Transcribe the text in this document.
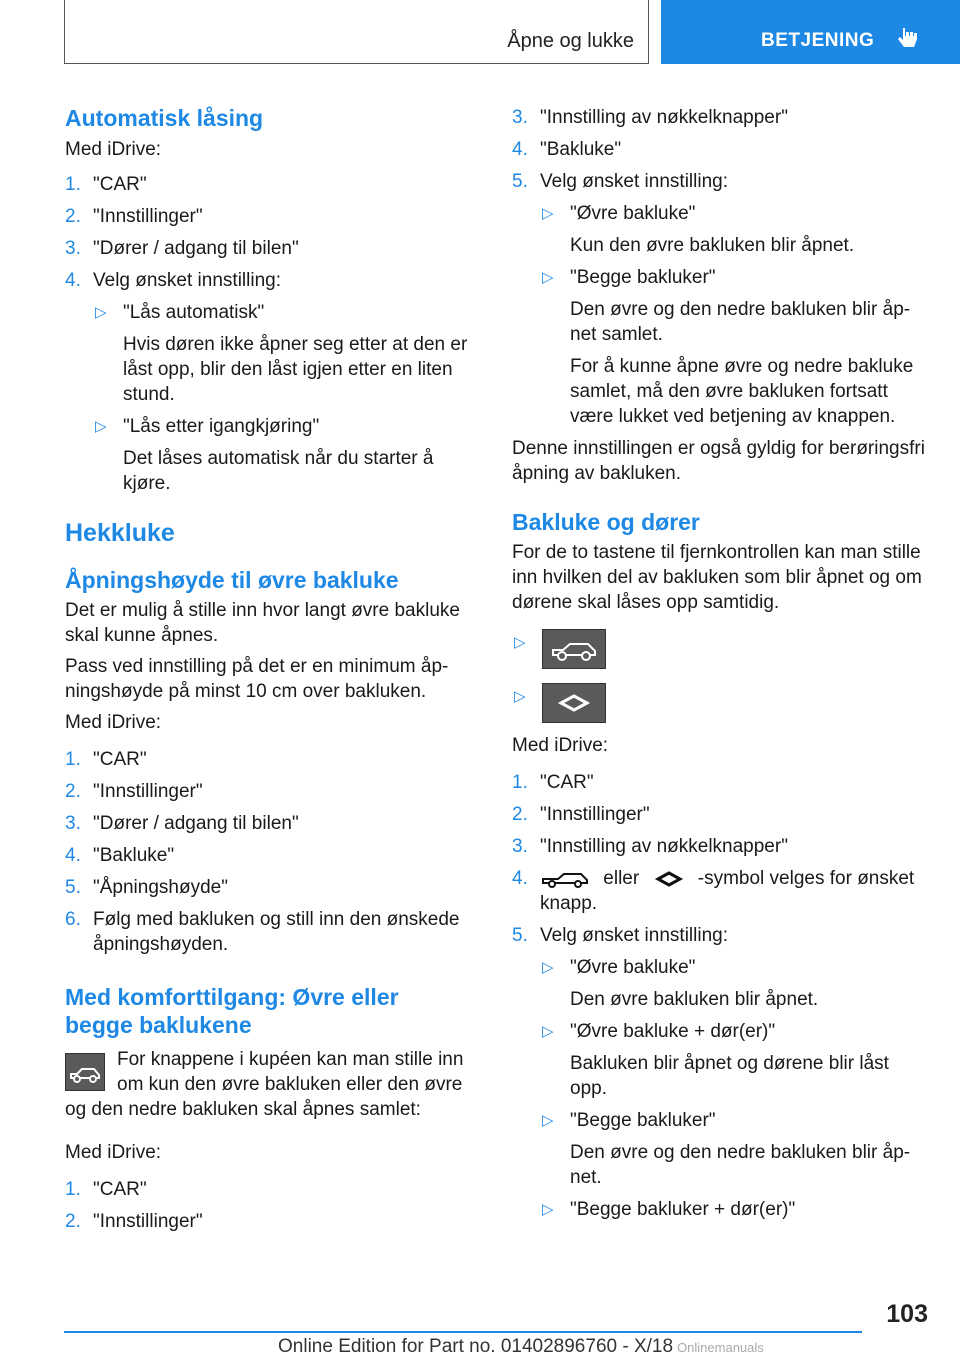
Åpne og lukke	BETJENING
Automatisk låsing

Med iDrive:

1. "CAR"
2. "Innstillinger"
3. "Dører / adgang til bilen"
4. Velg ønsket innstilling:
▷ "Lås automatisk"
Hvis døren ikke åpner seg etter at den er
låst opp, blir den låst igjen etter en liten
stund.
▷ "Lås etter igangkjøring"
Det låses automatisk når du starter å
kjøre.
Hekkluke
Åpningshøyde til øvre bakluke
Det er mulig å stille inn hvor langt øvre bakluke
skal kunne åpnes.
Pass ved innstilling på det er en minimum åp-
ningshøyde på minst 10 cm over bakluken.

Med iDrive:

1. "CAR"
2. "Innstillinger"
3. "Dører / adgang til bilen"
4. "Bakluke"
5. "Åpningshøyde"
6. Følg med bakluken og still inn den ønskede
åpningshøyden.
Med komforttilgang: Øvre eller
begge baklukene
For knappene i kupéen kan man stille inn
om kun den øvre bakluken eller den øvre
og den nedre bakluken skal åpnes samlet:

Med iDrive:

1. "CAR"
2. "Innstillinger"
3. "Innstilling av nøkkelknapper"
4. "Bakluke"
5. Velg ønsket innstilling:
▷ "Øvre bakluke"
Kun den øvre bakluken blir åpnet.
▷ "Begge bakluker"
Den øvre og den nedre bakluken blir åp-
net samlet.
For å kunne åpne øvre og nedre bakluke
samlet, må den øvre bakluken fortsatt
være lukket ved betjening av knappen.
Denne innstillingen er også gyldig for berøringsfri
åpning av bakluken.
Bakluke og dører
For de to tastene til fjernkontrollen kan man stille
inn hvilken del av bakluken som blir åpnet og om
dørene skal låses opp samtidig.
▷
▷

Med iDrive:

1. "CAR"
2. "Innstillinger"
3. "Innstilling av nøkkelknapper"
4.	eller	-symbol velges for ønsket
knapp.
5. Velg ønsket innstilling:
▷ "Øvre bakluke"
Den øvre bakluken blir åpnet.
▷ "Øvre bakluke + dør(er)"
Bakluken blir åpnet og dørene blir låst
opp.
▷ "Begge bakluker"
Den øvre og den nedre bakluken blir åp-
net.
▷ "Begge bakluker + dør(er)"
103
Online Edition for Part no. 01402896760 - X/18 Onlinemanuals
